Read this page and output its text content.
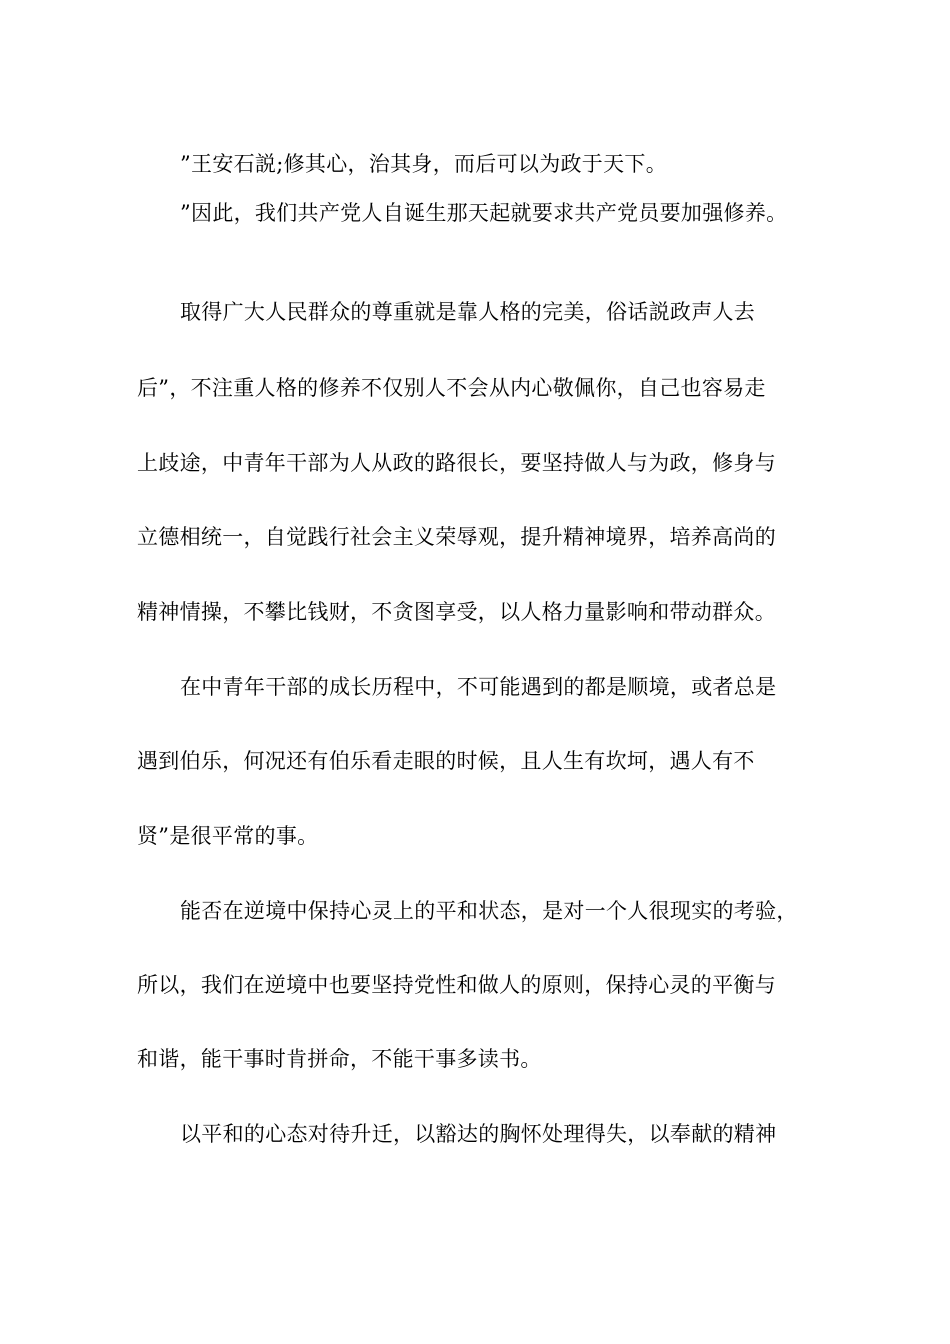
”王安石説;修其心，治其身，而后可以为政于天下。
”因此，我们共产党人自诞生那天起就要求共产党员要加强修养。
取得广大人民群众的尊重就是靠人格的完美，俗话説政声人去
后”，不注重人格的修养不仅别人不会从内心敬佩你，自己也容易走
上歧途，中青年干部为人从政的路很长，要坚持做人与为政，修身与
立德相统一，自觉践行社会主义荣辱观，提升精神境界，培养高尚的
精神情操，不攀比钱财，不贪图享受，以人格力量影响和带动群众。
在中青年干部的成长历程中，不可能遇到的都是顺境，或者总是
遇到伯乐，何况还有伯乐看走眼的时候，且人生有坎坷，遇人有不
贤”是很平常的事。
能否在逆境中保持心灵上的平和状态，是对一个人很现实的考验，
所以，我们在逆境中也要坚持党性和做人的原则，保持心灵的平衡与
和谐，能干事时肯拼命，不能干事多读书。
以平和的心态对待升迁，以豁达的胸怀处理得失，以奉献的精神
